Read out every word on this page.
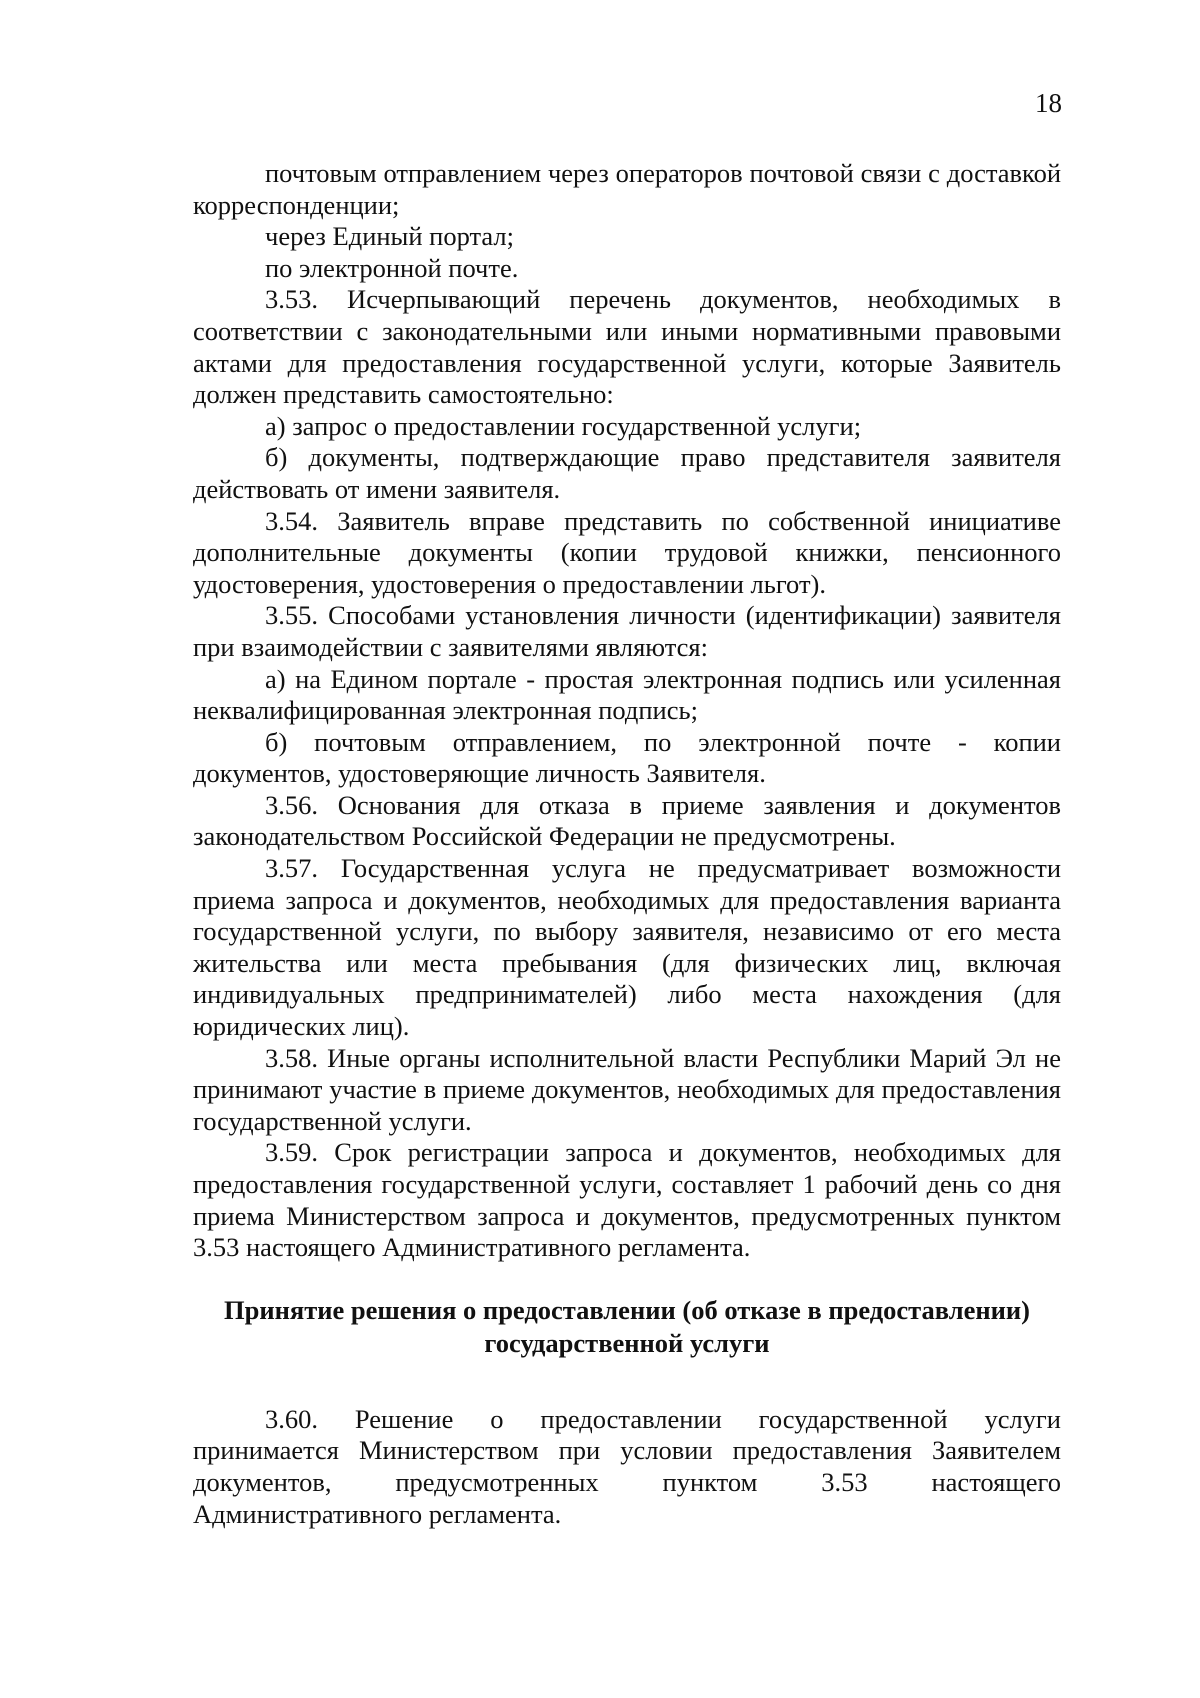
18

почтовым отправлением через операторов почтовой связи с доставкой корреспонденции;

через Единый портал;

по электронной почте.

3.53. Исчерпывающий перечень документов, необходимых в соответствии с законодательными или иными нормативными правовыми актами для предоставления государственной услуги, которые Заявитель должен представить самостоятельно:

а) запрос о предоставлении государственной услуги;

б) документы, подтверждающие право представителя заявителя действовать от имени заявителя.

3.54. Заявитель вправе представить по собственной инициативе дополнительные документы (копии трудовой книжки, пенсионного удостоверения, удостоверения о предоставлении льгот).

3.55. Способами установления личности (идентификации) заявителя при взаимодействии с заявителями являются:

а) на Едином портале - простая электронная подпись или усиленная неквалифицированная электронная подпись;

б) почтовым отправлением, по электронной почте - копии документов, удостоверяющие личность Заявителя.

3.56. Основания для отказа в приеме заявления и документов законодательством Российской Федерации не предусмотрены.

3.57. Государственная услуга не предусматривает возможности приема запроса и документов, необходимых для предоставления варианта государственной услуги, по выбору заявителя, независимо от его места жительства или места пребывания (для физических лиц, включая индивидуальных предпринимателей) либо места нахождения (для юридических лиц).

3.58. Иные органы исполнительной власти Республики Марий Эл не принимают участие в приеме документов, необходимых для предоставления государственной услуги.

3.59. Срок регистрации запроса и документов, необходимых для предоставления государственной услуги, составляет 1 рабочий день со дня приема Министерством запроса и документов, предусмотренных пунктом 3.53 настоящего Административного регламента.

Принятие решения о предоставлении (об отказе в предоставлении)
государственной услуги

3.60. Решение о предоставлении государственной услуги принимается Министерством при условии предоставления Заявителем документов, предусмотренных пунктом 3.53 настоящего Административного регламента.
